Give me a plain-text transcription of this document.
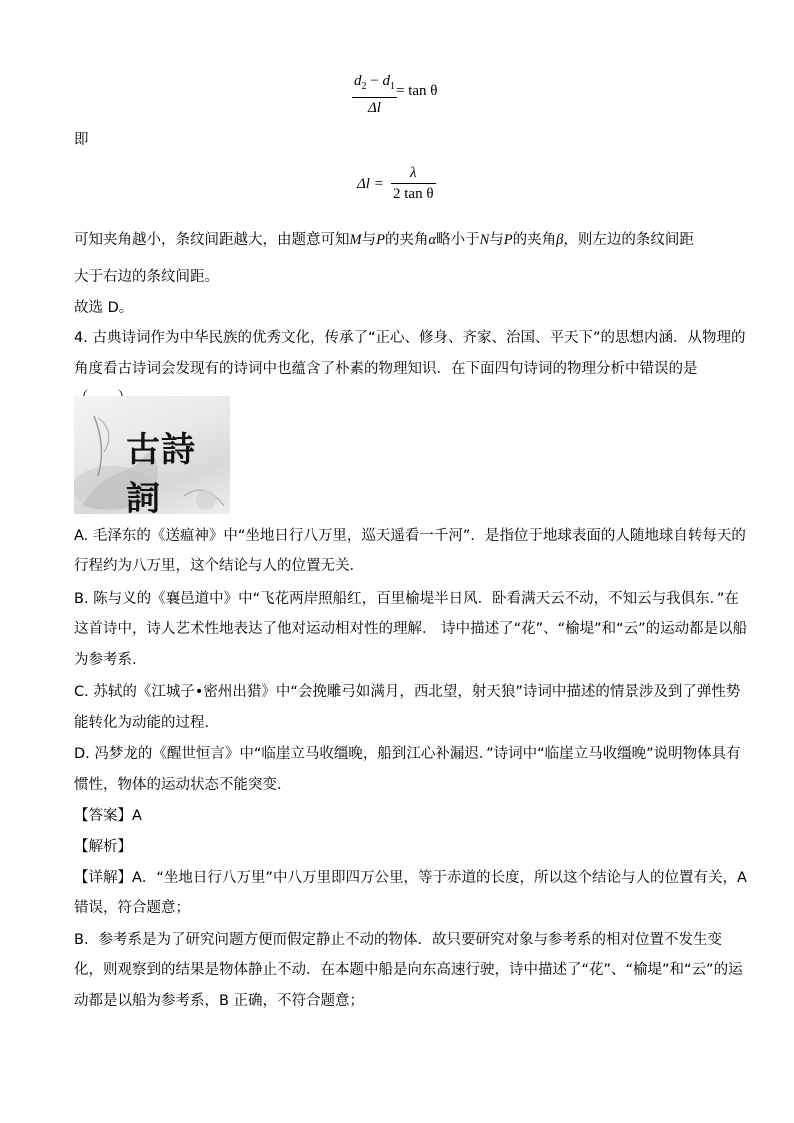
$d_2 - d_1$
Δl
= tan θ
即
Δl =
λ
2 tan θ
可知夹角越小，条纹间距越大，由题意可知M与P的夹角α略小于N与P的夹角β，则左边的条纹间距
大于右边的条纹间距。
故选 D。
4. 古典诗词作为中华民族的优秀文化，传承了“正心、修身、齐家、治国、平天下”的思想内涵．从物理的
角度看古诗词会发现有的诗词中也蕴含了朴素的物理知识．在下面四句诗词的物理分析中错误的是
古詩詞
A. 毛泽东的《送瘟神》中“坐地日行八万里，巡天遥看一千河”．是指位于地球表面的人随地球自转每天的
行程约为八万里，这个结论与人的位置无关．
B. 陈与义的《襄邑道中》中“飞花两岸照船红，百里榆堤半日风．卧看满天云不动，不知云与我俱东．”在
这首诗中，诗人艺术性地表达了他对运动相对性的理解． 诗中描述了“花”、“榆堤”和“云”的运动都是以船
为参考系．
C. 苏轼的《江城子•密州出猎》中“会挽雕弓如满月，西北望，射天狼”诗词中描述的情景涉及到了弹性势
能转化为动能的过程．
D. 冯梦龙的《醒世恒言》中“临崖立马收缰晚，船到江心补漏迟．”诗词中“临崖立马收缰晚”说明物体具有
惯性，物体的运动状态不能突变．
【答案】A
【解析】
【详解】A．“坐地日行八万里”中八万里即四万公里，等于赤道的长度，所以这个结论与人的位置有关，A
错误，符合题意；
B．参考系是为了研究问题方便而假定静止不动的物体．故只要研究对象与参考系的相对位置不发生变
化，则观察到的结果是物体静止不动．在本题中船是向东高速行驶，诗中描述了“花”、“榆堤”和“云”的运
动都是以船为参考系，B 正确，不符合题意；
